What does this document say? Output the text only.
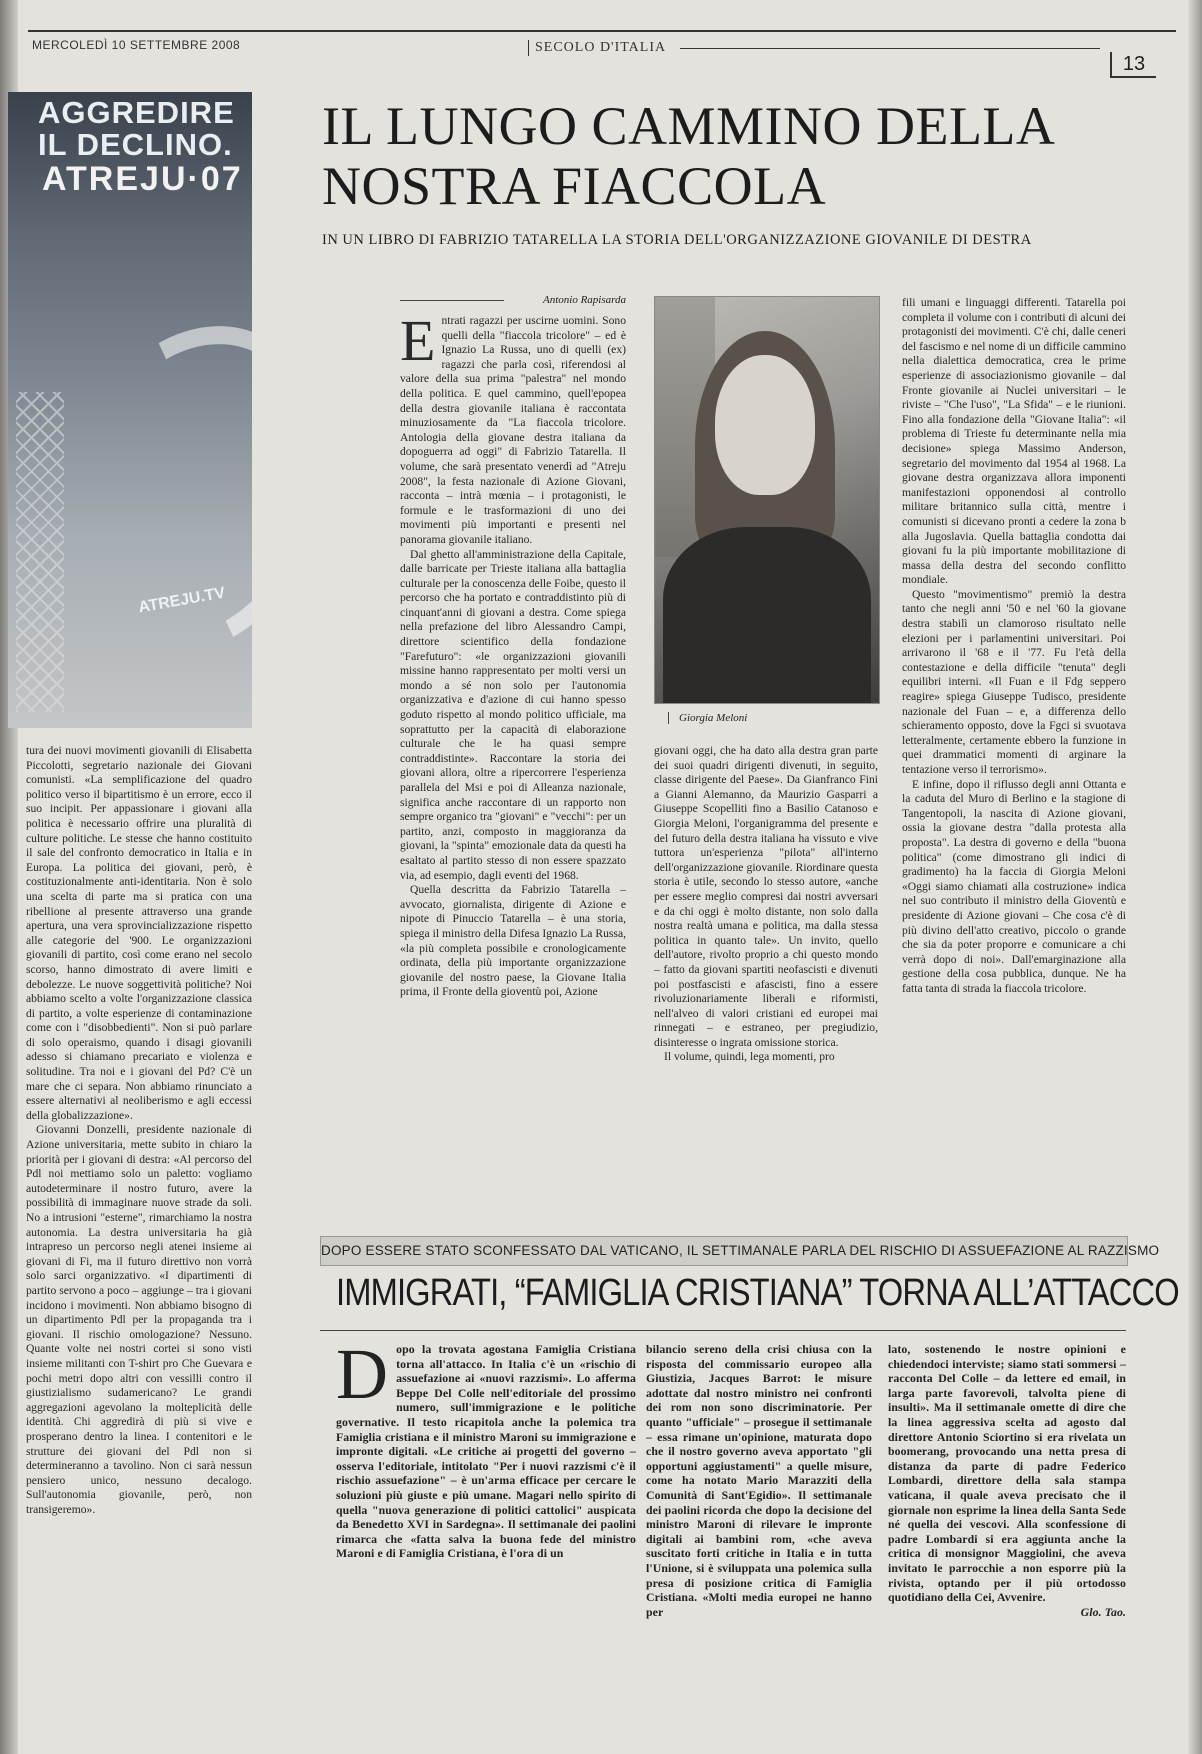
MERCOLEDÌ 10 SETTEMBRE 2008	SECOLO D'ITALIA
13
AGGREDIRE
IL DECLINO.
ATREJU·07
ATREJU.TV
IL LUNGO CAMMINO DELLA NOSTRA FIACCOLA
IN UN LIBRO DI FABRIZIO TATARELLA LA STORIA DELL'ORGANIZZAZIONE GIOVANILE DI DESTRA
Antonio Rapisarda

Entrati ragazzi per uscirne uomini. Sono quelli della "fiaccola tricolore" – ed è Ignazio La Russa, uno di quelli (ex) ragazzi che parla così, riferendosi al valore della sua prima "palestra" nel mondo della politica. E quel cammino, quell'epopea della destra giovanile italiana è raccontata minuziosamente da "La fiaccola tricolore. Antologia della giovane destra italiana da dopoguerra ad oggi" di Fabrizio Tatarella. Il volume, che sarà presentato venerdì ad "Atreju 2008", la festa nazionale di Azione Giovani, racconta – intrà mœnia – i protagonisti, le formule e le trasformazioni di uno dei movimenti più importanti e presenti nel panorama giovanile italiano.

Dal ghetto all'amministrazione della Capitale, dalle barricate per Trieste italiana alla battaglia culturale per la conoscenza delle Foibe, questo il percorso che ha portato e contraddistinto più di cinquant'anni di giovani a destra. Come spiega nella prefazione del libro Alessandro Campi, direttore scientifico della fondazione "Farefuturo": «le organizzazioni giovanili missine hanno rappresentato per molti versi un mondo a sé non solo per l'autonomia organizzativa e d'azione di cui hanno spesso goduto rispetto al mondo politico ufficiale, ma soprattutto per la capacità di elaborazione culturale che le ha quasi sempre contraddistinte». Raccontare la storia dei giovani allora, oltre a ripercorrere l'esperienza parallela del Msi e poi di Alleanza nazionale, significa anche raccontare di un rapporto non sempre organico tra "giovani" e "vecchi": per un partito, anzi, composto in maggioranza da giovani, la "spinta" emozionale data da questi ha esaltato al partito stesso di non essere spazzato via, ad esempio, dagli eventi del 1968.

Quella descritta da Fabrizio Tatarella – avvocato, giornalista, dirigente di Azione e nipote di Pinuccio Tatarella – è una storia, spiega il ministro della Difesa Ignazio La Russa, «la più completa possibile e cronologicamente ordinata, della più importante organizzazione giovanile del nostro paese, la Giovane Italia prima, il Fronte della gioventù poi, Azione

Giorgia Meloni

giovani oggi, che ha dato alla destra gran parte dei suoi quadri dirigenti divenuti, in seguito, classe dirigente del Paese». Da Gianfranco Fini a Gianni Alemanno, da Maurizio Gasparri a Giuseppe Scopelliti fino a Basilio Catanoso e Giorgia Meloni, l'organigramma del presente e del futuro della destra italiana ha vissuto e vive tuttora un'esperienza "pilota" all'interno dell'organizzazione giovanile. Riordinare questa storia è utile, secondo lo stesso autore, «anche per essere meglio compresi dai nostri avversari e da chi oggi è molto distante, non solo dalla nostra realtà umana e politica, ma dalla stessa politica in quanto tale». Un invito, quello dell'autore, rivolto proprio a chi questo mondo – fatto da giovani spartiti neofascisti e divenuti poi postfascisti e afascisti, fino a essere rivoluzionariamente liberali e riformisti, nell'alveo di valori cristiani ed europei mai rinnegati – e estraneo, per pregiudizio, disinteresse o ingrata omissione storica.

Il volume, quindi, lega momenti, pro

fili umani e linguaggi differenti. Tatarella poi completa il volume con i contributi di alcuni dei protagonisti dei movimenti. C'è chi, dalle ceneri del fascismo e nel nome di un difficile cammino nella dialettica democratica, crea le prime esperienze di associazionismo giovanile – dal Fronte giovanile ai Nuclei universitari – le riviste – "Che l'uso", "La Sfida" – e le riunioni. Fino alla fondazione della "Giovane Italia": «il problema di Trieste fu determinante nella mia decisione» spiega Massimo Anderson, segretario del movimento dal 1954 al 1968. La giovane destra organizzava allora imponenti manifestazioni opponendosi al controllo militare britannico sulla città, mentre i comunisti si dicevano pronti a cedere la zona b alla Jugoslavia. Quella battaglia condotta dai giovani fu la più importante mobilitazione di massa della destra del secondo conflitto mondiale.

Questo "movimentismo" premiò la destra tanto che negli anni '50 e nel '60 la giovane destra stabilì un clamoroso risultato nelle elezioni per i parlamentini universitari. Poi arrivarono il '68 e il '77. Fu l'età della contestazione e della difficile "tenuta" degli equilibri interni. «Il Fuan e il Fdg seppero reagire» spiega Giuseppe Tudisco, presidente nazionale del Fuan – e, a differenza dello schieramento opposto, dove la Fgci si svuotava letteralmente, certamente ebbero la funzione in quei drammatici momenti di arginare la tentazione verso il terrorismo».

E infine, dopo il riflusso degli anni Ottanta e la caduta del Muro di Berlino e la stagione di Tangentopoli, la nascita di Azione giovani, ossia la giovane destra "dalla protesta alla proposta". La destra di governo e della "buona politica" (come dimostrano gli indici di gradimento) ha la faccia di Giorgia Meloni «Oggi siamo chiamati alla costruzione» indica nel suo contributo il ministro della Gioventù e presidente di Azione giovani – Che cosa c'è di più divino dell'atto creativo, piccolo o grande che sia da poter proporre e comunicare a chi verrà dopo di noi». Dall'emarginazione alla gestione della cosa pubblica, dunque. Ne ha fatta tanta di strada la fiaccola tricolore.

tura dei nuovi movimenti giovanili di Elisabetta Piccolotti, segretario nazionale dei Giovani comunisti. «La semplificazione del quadro politico verso il bipartitismo è un errore, ecco il suo incipit. Per appassionare i giovani alla politica è necessario offrire una pluralità di culture politiche. Le stesse che hanno costituito il sale del confronto democratico in Italia e in Europa. La politica dei giovani, però, è costituzionalmente anti-identitaria. Non è solo una scelta di parte ma si pratica con una ribellione al presente attraverso una grande apertura, una vera sprovincializzazione rispetto alle categorie del '900. Le organizzazioni giovanili di partito, così come erano nel secolo scorso, hanno dimostrato di avere limiti e debolezze. Le nuove soggettività politiche? Noi abbiamo scelto a volte l'organizzazione classica di partito, a volte esperienze di contaminazione come con i "disobbedienti". Non si può parlare di solo operaismo, quando i disagi giovanili adesso si chiamano precariato e violenza e solitudine. Tra noi e i giovani del Pd? C'è un mare che ci separa. Non abbiamo rinunciato a essere alternativi al neoliberismo e agli eccessi della globalizzazione».

Giovanni Donzelli, presidente nazionale di Azione universitaria, mette subito in chiaro la priorità per i giovani di destra: «Al percorso del Pdl noi mettiamo solo un paletto: vogliamo autodeterminare il nostro futuro, avere la possibilità di immaginare nuove strade da soli. No a intrusioni "esterne", rimarchiamo la nostra autonomia. La destra universitaria ha già intrapreso un percorso negli atenei insieme ai giovani di Fi, ma il futuro direttivo non vorrà solo sarci organizzativo. «I dipartimenti di partito servono a poco – aggiunge – tra i giovani incidono i movimenti. Non abbiamo bisogno di un dipartimento Pdl per la propaganda tra i giovani. Il rischio omologazione? Nessuno. Quante volte nei nostri cortei si sono visti insieme militanti con T-shirt pro Che Guevara e pochi metri dopo altri con vessilli contro il giustizialismo sudamericano? Le grandi aggregazioni agevolano la molteplicità delle identità. Chi aggredirà di più si vive e prosperano dentro la linea. I contenitori e le strutture dei giovani del Pdl non si determineranno a tavolino. Non ci sarà nessun pensiero unico, nessuno decalogo. Sull'autonomia giovanile, però, non transigeremo».

DOPO ESSERE STATO SCONFESSATO DAL VATICANO, IL SETTIMANALE PARLA DEL RISCHIO DI ASSUEFAZIONE AL RAZZISMO
IMMIGRATI, “FAMIGLIA CRISTIANA” TORNA ALL’ATTACCO

Dopo la trovata agostana Famiglia Cristiana torna all'attacco. In Italia c'è un «rischio di assuefazione ai «nuovi razzismi». Lo afferma Beppe Del Colle nell'editoriale del prossimo numero, sull'immigrazione e le politiche governative. Il testo ricapitola anche la polemica tra Famiglia cristiana e il ministro Maroni su immigrazione e impronte digitali. «Le critiche ai progetti del governo – osserva l'editoriale, intitolato "Per i nuovi razzismi c'è il rischio assuefazione" – è un'arma efficace per cercare le soluzioni più giuste e più umane. Magari nello spirito di quella "nuova generazione di politici cattolici" auspicata da Benedetto XVI in Sardegna». Il settimanale dei paolini rimarca che «fatta salva la buona fede del ministro Maroni e di Famiglia Cristiana, è l'ora di un

bilancio sereno della crisi chiusa con la risposta del commissario europeo alla Giustizia, Jacques Barrot: le misure adottate dal nostro ministro nei confronti dei rom non sono discriminatorie. Per quanto "ufficiale" – prosegue il settimanale – essa rimane un'opinione, maturata dopo che il nostro governo aveva apportato "gli opportuni aggiustamenti" a quelle misure, come ha notato Mario Marazziti della Comunità di Sant'Egidio». Il settimanale dei paolini ricorda che dopo la decisione del ministro Maroni di rilevare le impronte digitali ai bambini rom, «che aveva suscitato forti critiche in Italia e in tutta l'Unione, si è sviluppata una polemica sulla presa di posizione critica di Famiglia Cristiana. «Molti media europei ne hanno per

lato, sostenendo le nostre opinioni e chiedendoci interviste; siamo stati sommersi – racconta Del Colle – da lettere ed email, in larga parte favorevoli, talvolta piene di insulti». Ma il settimanale omette di dire che la linea aggressiva scelta ad agosto dal direttore Antonio Sciortino si era rivelata un boomerang, provocando una netta presa di distanza da parte di padre Federico Lombardi, direttore della sala stampa vaticana, il quale aveva precisato che il giornale non esprime la linea della Santa Sede né quella dei vescovi. Alla sconfessione di padre Lombardi si era aggiunta anche la critica di monsignor Maggiolini, che aveva invitato le parrocchie a non esporre più la rivista, optando per il più ortodosso quotidiano della Cei, Avvenire.

Glo. Tao.
